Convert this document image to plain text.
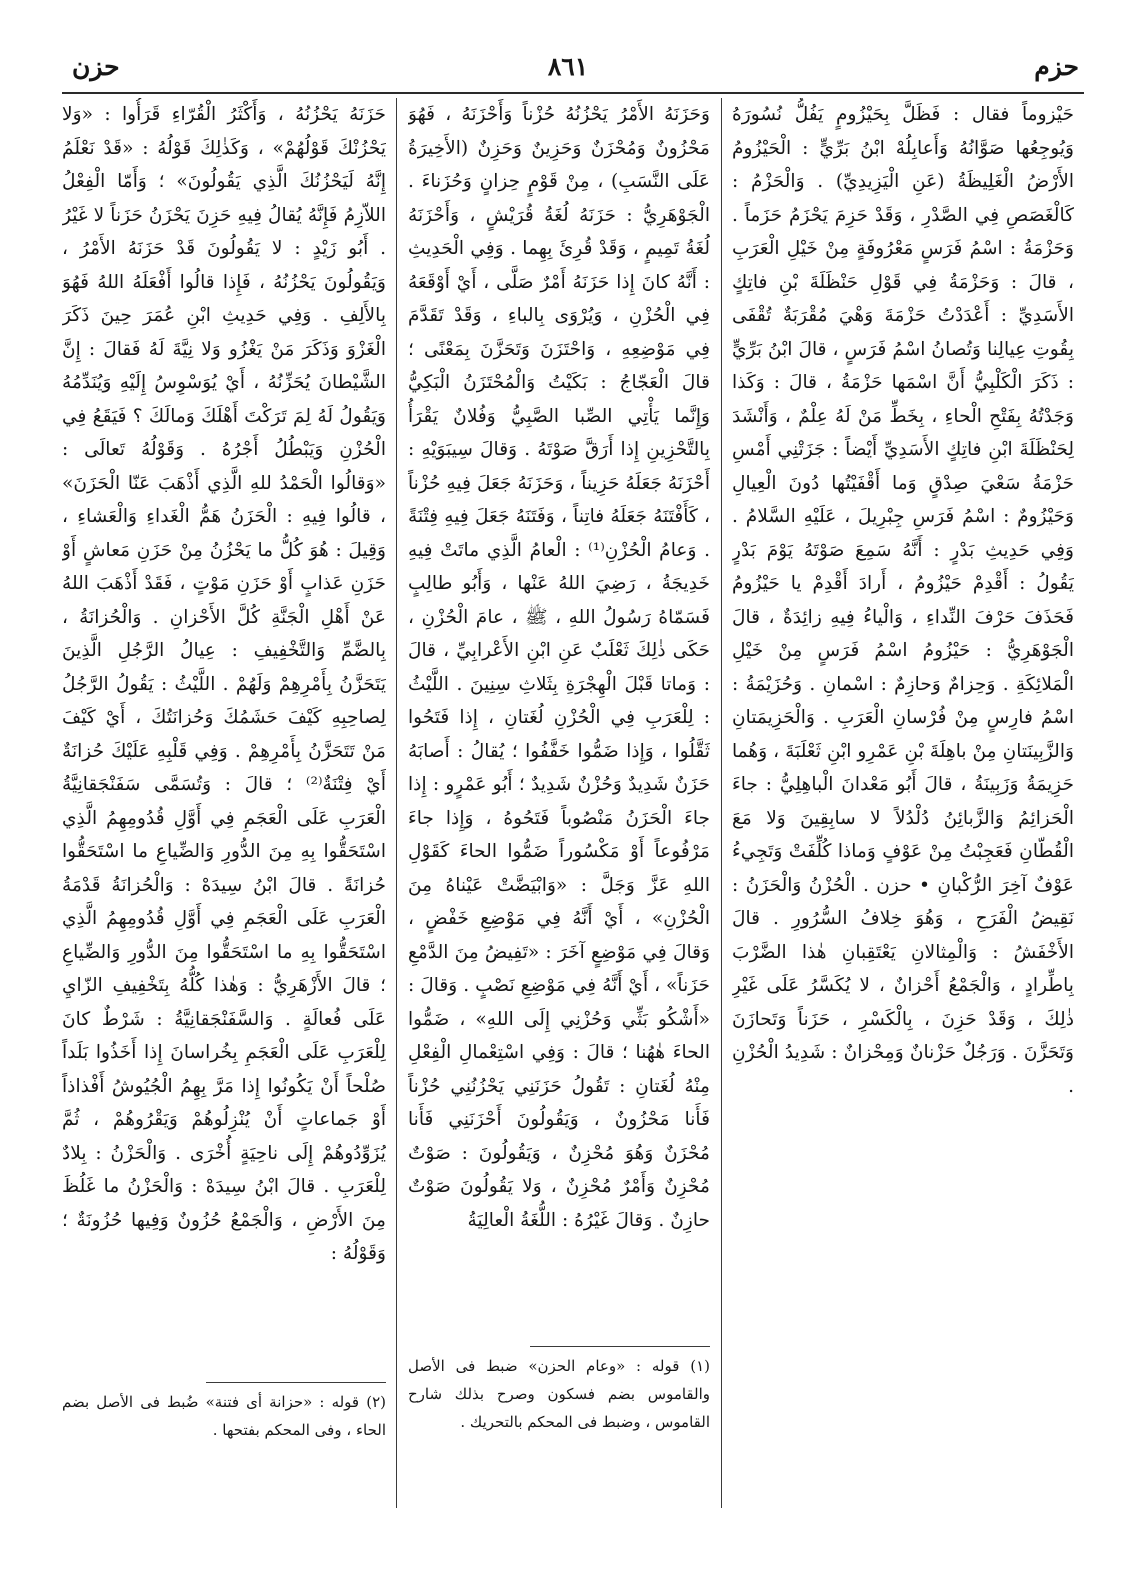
حزم
٨٦١
حزن

حَيْزوماً فقال : فَظَلَّ بِحَيْزُومٍ يَفُلُّ نُسُورَهُ وَيُوجِعُها صَوَّانُهُ وَأَعابِلُهْ ابْنُ بَرِّيٍّ : الْحَيْزُومُ الأَرْضُ الْغَلِيظَةُ (عَنِ الْيَزِيدِيِّ) . وَالْحَزْمُ : كَالْغَصَصِ فِي الصَّدْرِ ، وَقَدْ حَزِمَ يَحْزَمُ حَزَماً . وَحَزْمَةُ : اسْمُ فَرَسٍ مَعْرُوفَةٍ مِنْ خَيْلِ الْعَرَبِ ، قالَ : وَحَزْمَةُ فِي قَوْلِ حَنْظَلَةَ بْنِ فاتِكٍ الأَسَدِيِّ : أَعْدَدْتُ حَزْمَةَ وَهْيَ مُقْرَبَةٌ تُقْفَى بِقُوتِ عِيالِنا وَتُصانُ اسْمُ فَرَسٍ ، قالَ ابْنُ بَرِّيٍّ : ذَكَرَ الْكَلْبِيُّ أَنَّ اسْمَها حَزْمَةُ ، قالَ : وَكَذا وَجَدْتُهُ بِفَتْحِ الْحاءِ ، بِخَطِّ مَنْ لَهُ عِلْمٌ ، وَأَنْشَدَ لِحَنْظَلَةَ ابْنِ فاتِكٍ الأَسَدِيِّ أَيْضاً : جَزَتْنِي أَمْسِ حَزْمَةُ سَعْيَ صِدْقٍ وَما أَقْفَيْتُها دُونَ الْعِيالِ وَحَيْزُومٌ : اسْمُ فَرَسِ جِبْرِيلَ ، عَلَيْهِ السَّلامُ . وَفِي حَدِيثِ بَدْرٍ : أَنَّهُ سَمِعَ صَوْتَهُ يَوْمَ بَدْرٍ يَقُولُ : أَقْدِمْ حَيْزُومُ ، أَرادَ أَقْدِمْ يا حَيْزُومُ فَحَذَفَ حَرْفَ النِّداءِ ، وَالْياءُ فِيهِ زائِدَةٌ ، قالَ الْجَوْهَرِيُّ : حَيْزُومُ اسْمُ فَرَسٍ مِنْ خَيْلِ الْمَلائِكَةِ . وَحِزامٌ وَحازِمٌ : اسْمانِ . وَحُزَيْمَةُ : اسْمُ فارِسٍ مِنْ فُرْسانِ الْعَرَبِ . وَالْحَزِيمَتانِ وَالزَّبِينَتانِ مِنْ باهِلَةَ بْنِ عَمْرِو ابْنِ ثَعْلَبَةَ ، وَهُما حَزِيمَةُ وَزَبِينَةُ ، قالَ أَبُو مَعْدانَ الْباهِلِيُّ : جاءَ الْحَزائِمُ وَالزَّبائِنُ دُلْدُلاً لا سابِقِينَ وَلا مَعَ الْقُطّانِ فَعَجِبْتُ مِنْ عَوْفٍ وَماذا كُلِّفَتْ وَتَجِيءُ عَوْفٌ آخِرَ الرُّكْبانِ • حزن . الْحُزْنُ وَالْحَزَنُ : نَقِيضُ الْفَرَحِ ، وَهُوَ خِلافُ السُّرُورِ . قالَ الأَخْفَشُ : وَالْمِثالانِ يَعْتَقِبانِ هٰذا الضَّرْبَ بِاطِّرادٍ ، وَالْجَمْعُ أَحْزانٌ ، لا يُكَسَّرُ عَلَى غَيْرِ ذٰلِكَ ، وَقَدْ حَزِنَ ، بِالْكَسْرِ ، حَزَناً وَتَحازَنَ وَتَحَزَّنَ . وَرَجُلٌ حَزْنانٌ وَمِحْزانٌ : شَدِيدُ الْحُزْنِ .

وَحَزَنَهُ الأَمْرُ يَحْزُنُهُ حُزْناً وَأَحْزَنَهُ ، فَهُوَ مَحْزُونٌ وَمُحْزَنٌ وَحَزِينٌ وَحَزِنٌ (الأَخِيرَةُ عَلَى النَّسَبِ) ، مِنْ قَوْمٍ حِزانٍ وَحُزَناءَ . الْجَوْهَرِيُّ : حَزَنَهُ لُغَةُ قُرَيْشٍ ، وَأَحْزَنَهُ لُغَةُ تَمِيمٍ ، وَقَدْ قُرِئَ بِهِما . وَفِي الْحَدِيثِ : أَنَّهُ كانَ إِذا حَزَنَهُ أَمْرٌ صَلَّى ، أَيْ أَوْقَعَهُ فِي الْحُزْنِ ، وَيُرْوَى بِالباءِ ، وَقَدْ تَقَدَّمَ فِي مَوْضِعِهِ ، وَاحْتَزَنَ وَتَحَزَّنَ بِمَعْنًى ؛ قالَ الْعَجّاجُ : بَكَيْتُ وَالْمُحْتَزَنُ الْبَكِيُّ وَإِنَّما يَأْتِي الصِّبا الصَّبِيُّ وَفُلانٌ يَقْرَأُ بِالتَّحْزِينِ إِذا أَرَقَّ صَوْتَهُ . وَقالَ سِيبَوَيْهِ : أَحْزَنَهُ جَعَلَهُ حَزِيناً ، وَحَزَنَهُ جَعَلَ فِيهِ حُزْناً ، كَأَفْتَنَهُ جَعَلَهُ فاتِناً ، وَفَتَنَهُ جَعَلَ فِيهِ فِتْنَةً . وَعامُ الْحُزْنِ⁽¹⁾ : الْعامُ الَّذِي ماتَتْ فِيهِ خَدِيجَةُ ، رَضِيَ اللهُ عَنْها ، وَأَبُو طالِبٍ فَسَمّاهُ رَسُولُ اللهِ ، ﷺ ، عامَ الْحُزْنِ ، حَكَى ذٰلِكَ ثَعْلَبٌ عَنِ ابْنِ الأَعْرابِيِّ ، قالَ : وَماتا قَبْلَ الْهِجْرَةِ بِثَلاثِ سِنِينَ . اللَّيْثُ : لِلْعَرَبِ فِي الْحُزْنِ لُغَتانِ ، إِذا فَتَحُوا ثَقَّلُوا ، وَإِذا ضَمُّوا خَفَّفُوا ؛ يُقالُ : أَصابَهُ حَزَنٌ شَدِيدٌ وَحُزْنٌ شَدِيدٌ ؛ أَبُو عَمْرٍو : إِذا جاءَ الْحَزَنُ مَنْصُوباً فَتَحُوهُ ، وَإِذا جاءَ مَرْفُوعاً أَوْ مَكْسُوراً ضَمُّوا الحاءَ كَقَوْلِ اللهِ عَزَّ وَجَلَّ : «وَابْيَضَّتْ عَيْناهُ مِنَ الْحُزْنِ» ، أَيْ أَنَّهُ فِي مَوْضِعِ خَفْضٍ ، وَقالَ فِي مَوْضِعٍ آخَرَ : «تَفِيضُ مِنَ الدَّمْعِ حَزَناً» ، أَيْ أَنَّهُ فِي مَوْضِعِ نَصْبٍ . وَقالَ : «أَشْكُو بَثِّي وَحُزْنِي إِلَى اللهِ» ، ضَمُّوا الحاءَ هٰهُنا ؛ قالَ : وَفِي اسْتِعْمالِ الْفِعْلِ مِنْهُ لُغَتانِ : تَقُولُ حَزَنَنِي يَحْزُنُنِي حُزْناً فَأَنا مَحْزُونٌ ، وَيَقُولُونَ أَحْزَنَنِي فَأَنا مُحْزَنٌ وَهُوَ مُحْزِنٌ ، وَيَقُولُونَ : صَوْتٌ مُحْزِنٌ وَأَمْرٌ مُحْزِنٌ ، وَلا يَقُولُونَ صَوْتٌ حازِنٌ . وَقالَ غَيْرُهُ : اللُّغَةُ الْعالِيَةُ

(١) قوله : «وعام الحزن» ضبط فى الأصل والقاموس بضم فسكون وصرح بذلك شارح القاموس ، وضبط فى المحكم بالتحريك .

حَزَنَهُ يَحْزُنُهُ ، وَأَكْثَرُ الْقُرّاءِ قَرَأُوا : «وَلا يَحْزُنْكَ قَوْلُهُمْ» ، وَكَذٰلِكَ قَوْلُهُ : «قَدْ نَعْلَمُ إِنَّهُ لَيَحْزُنُكَ الَّذِي يَقُولُونَ» ؛ وَأَمّا الْفِعْلُ اللاّزِمُ فَإِنَّهُ يُقالُ فِيهِ حَزِنَ يَحْزَنُ حَزَناً لا غَيْرُ . أَبُو زَيْدٍ : لا يَقُولُونَ قَدْ حَزَنَهُ الأَمْرُ ، وَيَقُولُونَ يَحْزُنُهُ ، فَإِذا قالُوا أَفْعَلَهُ اللهُ فَهُوَ بِالأَلِفِ . وَفِي حَدِيثِ ابْنِ عُمَرَ حِينَ ذَكَرَ الْغَزْوَ وَذَكَرَ مَنْ يَغْزُو وَلا نِيَّةَ لَهُ فَقالَ : إِنَّ الشَّيْطانَ يُحَزِّنُهُ ، أَيْ يُوَسْوِسُ إِلَيْهِ وَيُنَدِّمُهُ وَيَقُولُ لَهُ لِمَ تَرَكْتَ أَهْلَكَ وَمالَكَ ؟ فَيَقَعُ فِي الْحُزْنِ وَيَبْطُلُ أَجْرُهُ . وَقَوْلُهُ تَعالَى : «وَقالُوا الْحَمْدُ للهِ الَّذِي أَذْهَبَ عَنّا الْحَزَنَ» ، قالُوا فِيهِ : الْحَزَنُ هَمُّ الْغَداءِ وَالْعَشاءِ ، وَقِيلَ : هُوَ كُلُّ ما يَحْزُنُ مِنْ حَزَنِ مَعاشٍ أَوْ حَزَنِ عَذابٍ أَوْ حَزَنِ مَوْتٍ ، فَقَدْ أَذْهَبَ اللهُ عَنْ أَهْلِ الْجَنَّةِ كُلَّ الأَحْزانِ . وَالْحُزانَةُ ، بِالضَّمِّ وَالتَّخْفِيفِ : عِيالُ الرَّجُلِ الَّذِينَ يَتَحَزَّنُ بِأَمْرِهِمْ وَلَهُمْ . اللَّيْثُ : يَقُولُ الرَّجُلُ لِصاحِبِهِ كَيْفَ حَشَمُكَ وَحُزانَتُكَ ، أَيْ كَيْفَ مَنْ تَتَحَزَّنُ بِأَمْرِهِمْ . وَفِي قَلْبِهِ عَلَيْكَ حُزانَةٌ أَيْ فِتْنَةٌ⁽²⁾ ؛ قالَ : وَتُسَمَّى سَفَنْجَقانِيَّةُ الْعَرَبِ عَلَى الْعَجَمِ فِي أَوَّلِ قُدُومِهِمُ الَّذِي اسْتَحَقُّوا بِهِ مِنَ الدُّورِ وَالضِّياعِ ما اسْتَحَقُّوا حُزانَةً . قالَ ابْنُ سِيدَهْ : وَالْحُزانَةُ قَدْمَةُ الْعَرَبِ عَلَى الْعَجَمِ فِي أَوَّلِ قُدُومِهِمُ الَّذِي اسْتَحَقُّوا بِهِ ما اسْتَحَقُّوا مِنَ الدُّورِ وَالضِّياعِ ؛ قالَ الأَزْهَرِيُّ : وَهٰذا كُلُّهُ بِتَخْفِيفِ الزّايِ عَلَى فُعالَةٍ . وَالسَّفَنْجَقانِيَّةُ : شَرْطٌ كانَ لِلْعَرَبِ عَلَى الْعَجَمِ بِخُراسانَ إِذا أَخَذُوا بَلَداً صُلْحاً أَنْ يَكُونُوا إِذا مَرَّ بِهِمُ الْجُيُوشُ أَفْذاذاً أَوْ جَماعاتٍ أَنْ يُنْزِلُوهُمْ وَيَقْرُوهُمْ ، ثُمَّ يُزَوِّدُوهُمْ إِلَى ناحِيَةٍ أُخْرَى . وَالْحَزْنُ : بِلادٌ لِلْعَرَبِ . قالَ ابْنُ سِيدَهْ : وَالْحَزْنُ ما غَلُظَ مِنَ الأَرْضِ ، وَالْجَمْعُ حُزُونٌ وَفِيها حُزُونَةٌ ؛ وَقَوْلُهُ :

(٢) قوله : «حزانة أى فتنة» ضُبط فى الأصل بضم الحاء ، وفى المحكم بفتحها .
